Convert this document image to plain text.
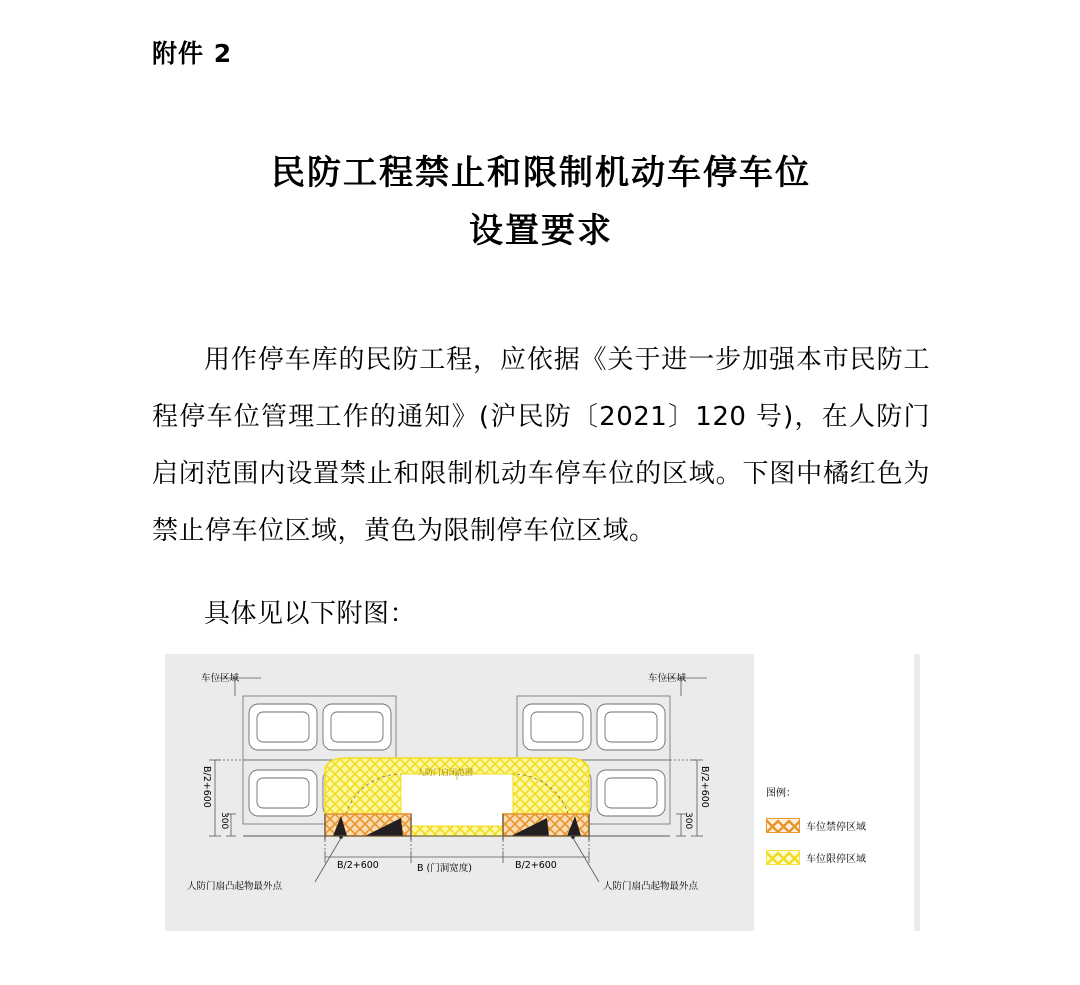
附件 2
民防工程禁止和限制机动车停车位
设置要求

用作停车库的民防工程，应依据《关于进一步加强本市民防工程停车位管理工作的通知》(沪民防〔2021〕120 号)，在人防门启闭范围内设置禁止和限制机动车停车位的区域。下图中橘红色为禁止停车位区域，黄色为限制停车位区域。

具体见以下附图：

车位区域	车位区域
B/2+600	B/2+600
300	300
B/2+600	B (门洞宽度)	B/2+600
人防门扇凸起物最外点	人防门扇凸起物最外点
人防门启闭范围
图例：
车位禁停区域
车位限停区域
